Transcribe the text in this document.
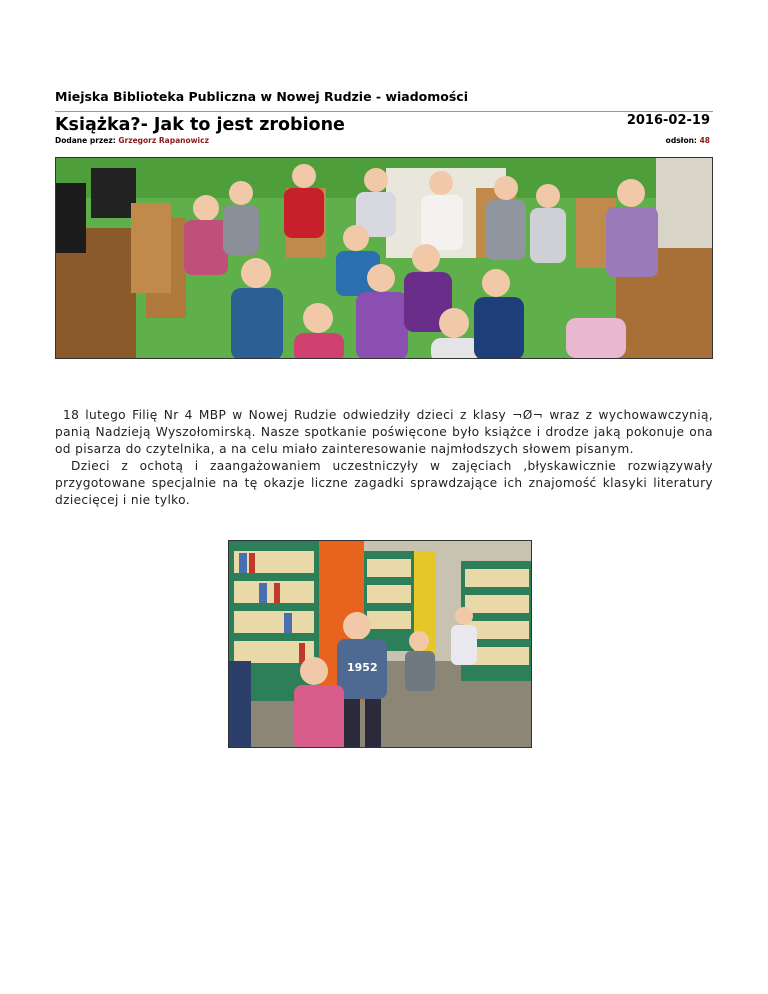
Miejska Biblioteka Publiczna w Nowej Rudzie - wiadomości
Książka?- Jak to jest zrobione	2016-02-19
Dodane przez: Grzegorz Rapanowicz	odsłon: 48

18 lutego Filię Nr 4 MBP w Nowej Rudzie odwiedziły dzieci z klasy ¬Ø¬ wraz z wychowawczynią, panią Nadzieją Wyszołomirską. Nasze spotkanie poświęcone było książce i drodze jaką pokonuje ona od pisarza do czytelnika, a na celu miało zainteresowanie najmłodszych słowem pisanym.

Dzieci z ochotą i zaangażowaniem uczestniczyły w zajęciach ,błyskawicznie rozwiązywały przygotowane specjalnie na tę okazje liczne zagadki sprawdzające ich znajomość klasyki literatury dziecięcej i nie tylko.

1952
